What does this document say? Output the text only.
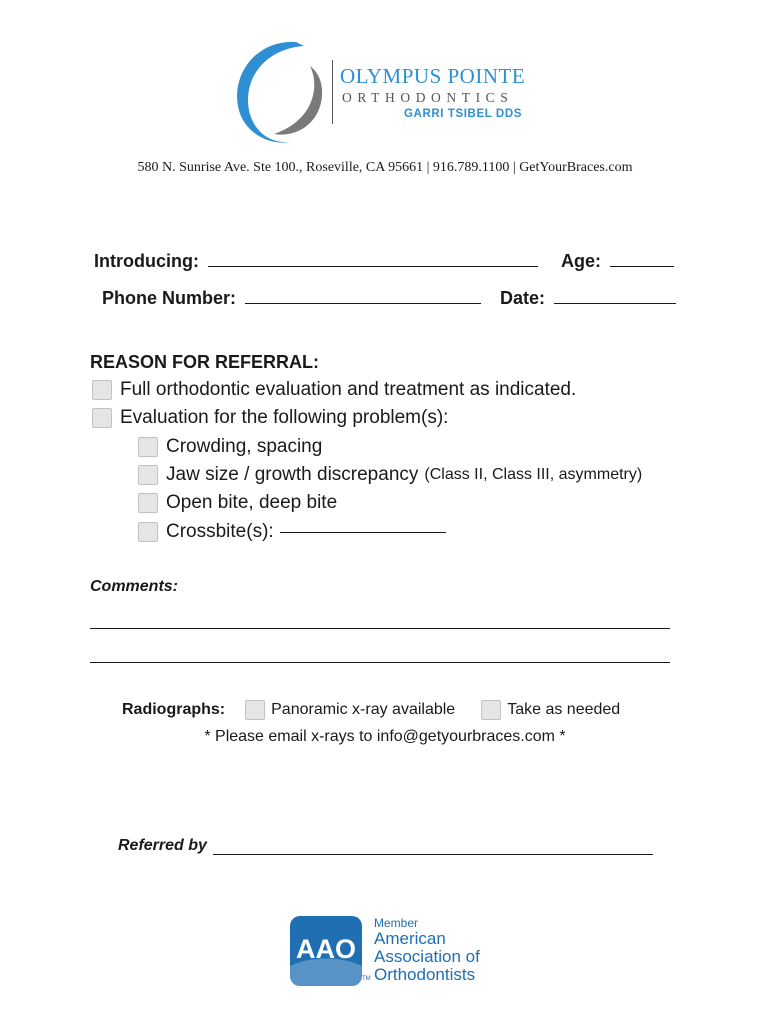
OLYMPUS POINTE
ORTHODONTICS
GARRI TSIBEL DDS
580 N. Sunrise Ave. Ste 100., Roseville, CA 95661 | 916.789.1100 | GetYourBraces.com
Introducing:	Age:
Phone Number:	Date:
REASON FOR REFERRAL:
Full orthodontic evaluation and treatment as indicated.
Evaluation for the following problem(s):
Crowding, spacing
Jaw size / growth discrepancy (Class II, Class III, asymmetry)
Open bite, deep bite
Crossbite(s):
Comments:
Radiographs:	Panoramic x-ray available	Take as needed
* Please email x-rays to info@getyourbraces.com *
Referred by
AAO
TM
Member
American
Association of
Orthodontists
